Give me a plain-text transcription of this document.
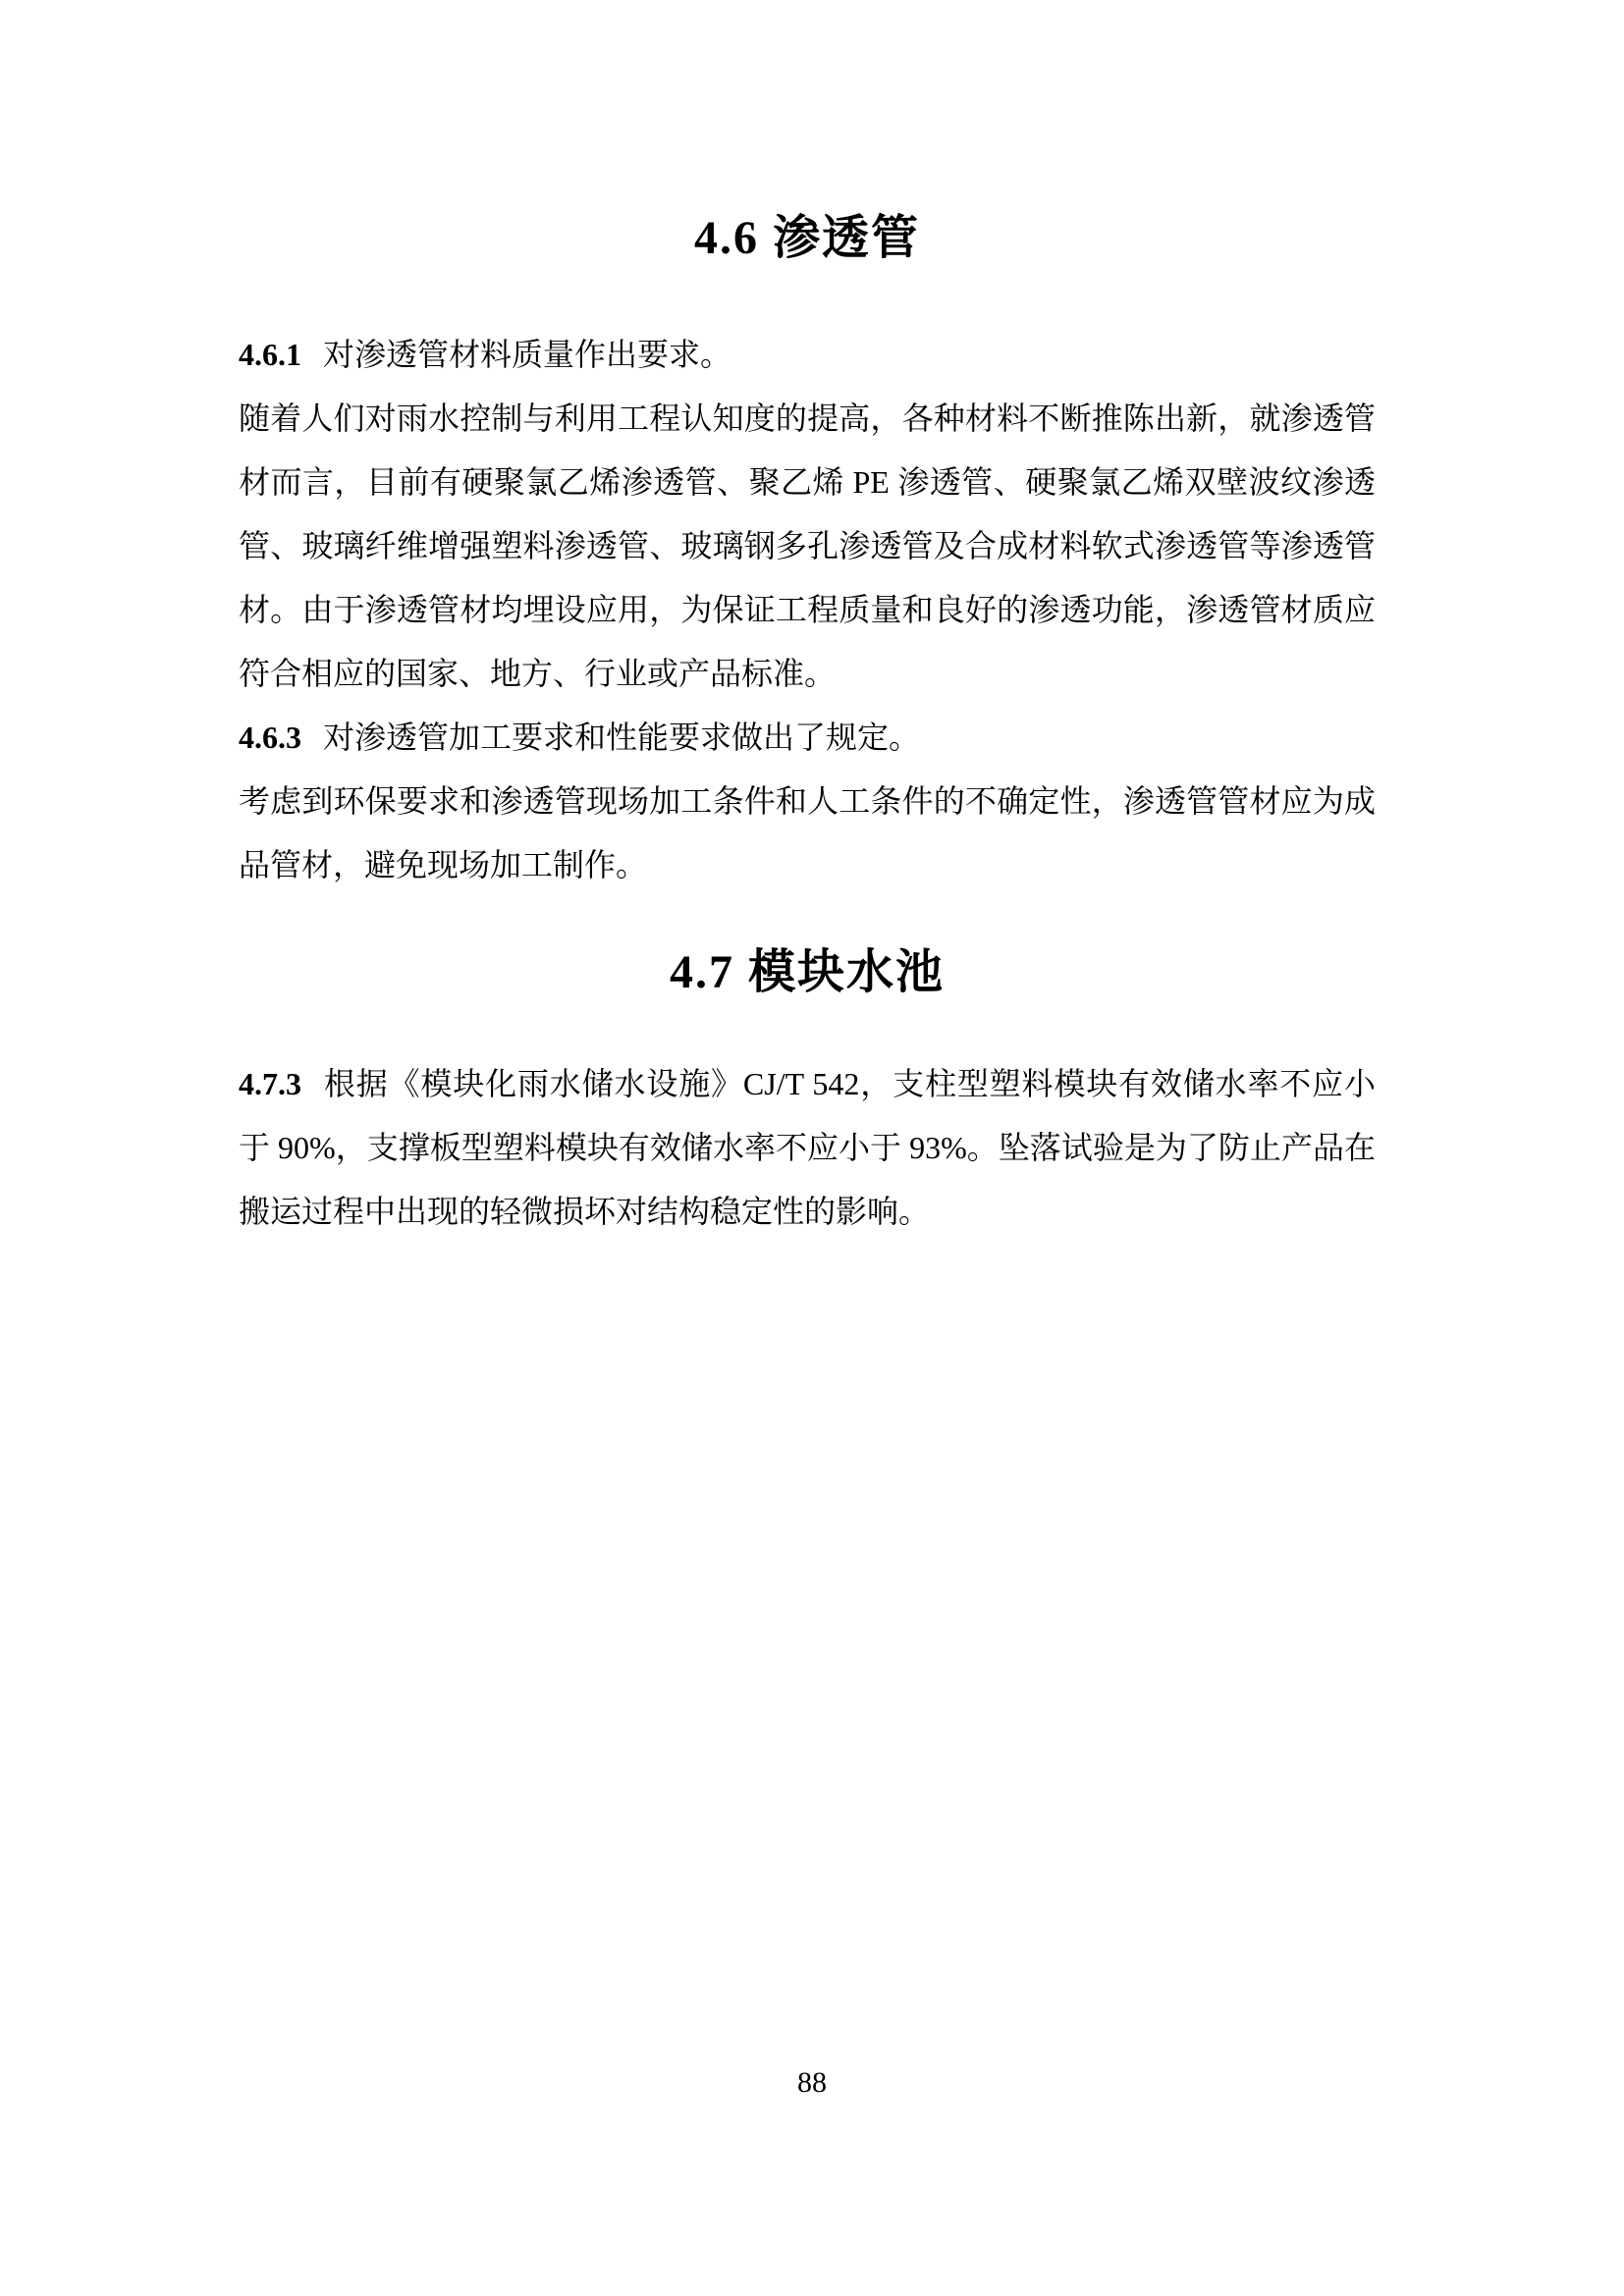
4.6 渗透管

4.6.1 对渗透管材料质量作出要求。

随着人们对雨水控制与利用工程认知度的提高，各种材料不断推陈出新，就渗透管材而言，目前有硬聚氯乙烯渗透管、聚乙烯 PE 渗透管、硬聚氯乙烯双壁波纹渗透管、玻璃纤维增强塑料渗透管、玻璃钢多孔渗透管及合成材料软式渗透管等渗透管材。由于渗透管材均埋设应用，为保证工程质量和良好的渗透功能，渗透管材质应符合相应的国家、地方、行业或产品标准。

4.6.3 对渗透管加工要求和性能要求做出了规定。

考虑到环保要求和渗透管现场加工条件和人工条件的不确定性，渗透管管材应为成品管材，避免现场加工制作。

4.7 模块水池

4.7.3 根据《模块化雨水储水设施》CJ/T 542，支柱型塑料模块有效储水率不应小于 90%，支撑板型塑料模块有效储水率不应小于 93%。坠落试验是为了防止产品在搬运过程中出现的轻微损坏对结构稳定性的影响。

88
